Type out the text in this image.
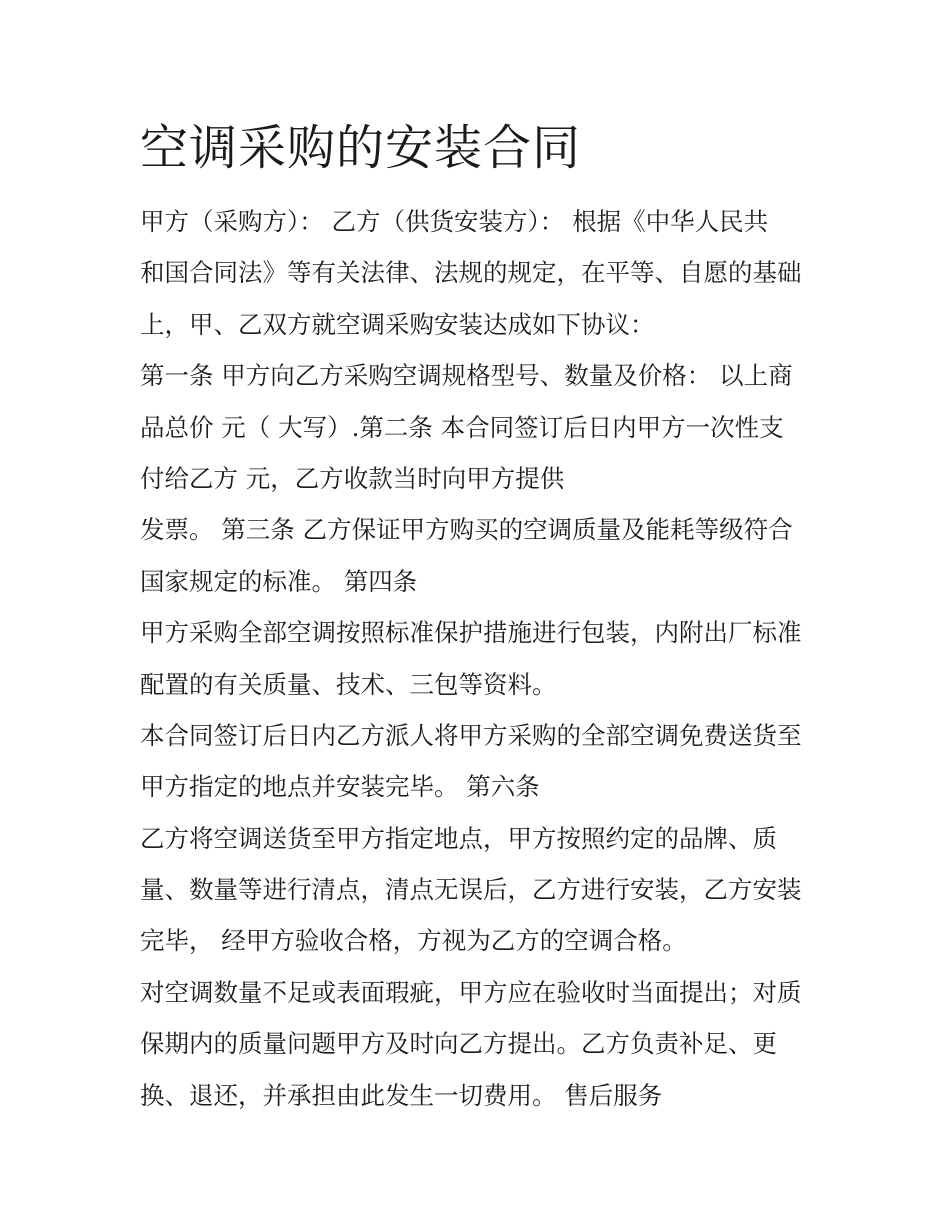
空调采购的安装合同
甲方（采购方）： 乙方（供货安装方）： 根据《中华人民共
和国合同法》等有关法律、法规的规定，在平等、自愿的基础
上，甲、乙双方就空调采购安装达成如下协议：
第一条 甲方向乙方采购空调规格型号、数量及价格： 以上商
品总价 元（ 大写）.第二条 本合同签订后日内甲方一次性支
付给乙方 元，乙方收款当时向甲方提供
发票。 第三条 乙方保证甲方购买的空调质量及能耗等级符合
国家规定的标准。 第四条
甲方采购全部空调按照标准保护措施进行包装，内附出厂标准
配置的有关质量、技术、三包等资料。
本合同签订后日内乙方派人将甲方采购的全部空调免费送货至
甲方指定的地点并安装完毕。 第六条
乙方将空调送货至甲方指定地点，甲方按照约定的品牌、质
量、数量等进行清点，清点无误后，乙方进行安装，乙方安装
完毕， 经甲方验收合格，方视为乙方的空调合格。
对空调数量不足或表面瑕疵，甲方应在验收时当面提出；对质
保期内的质量问题甲方及时向乙方提出。乙方负责补足、更
换、退还，并承担由此发生一切费用。 售后服务
